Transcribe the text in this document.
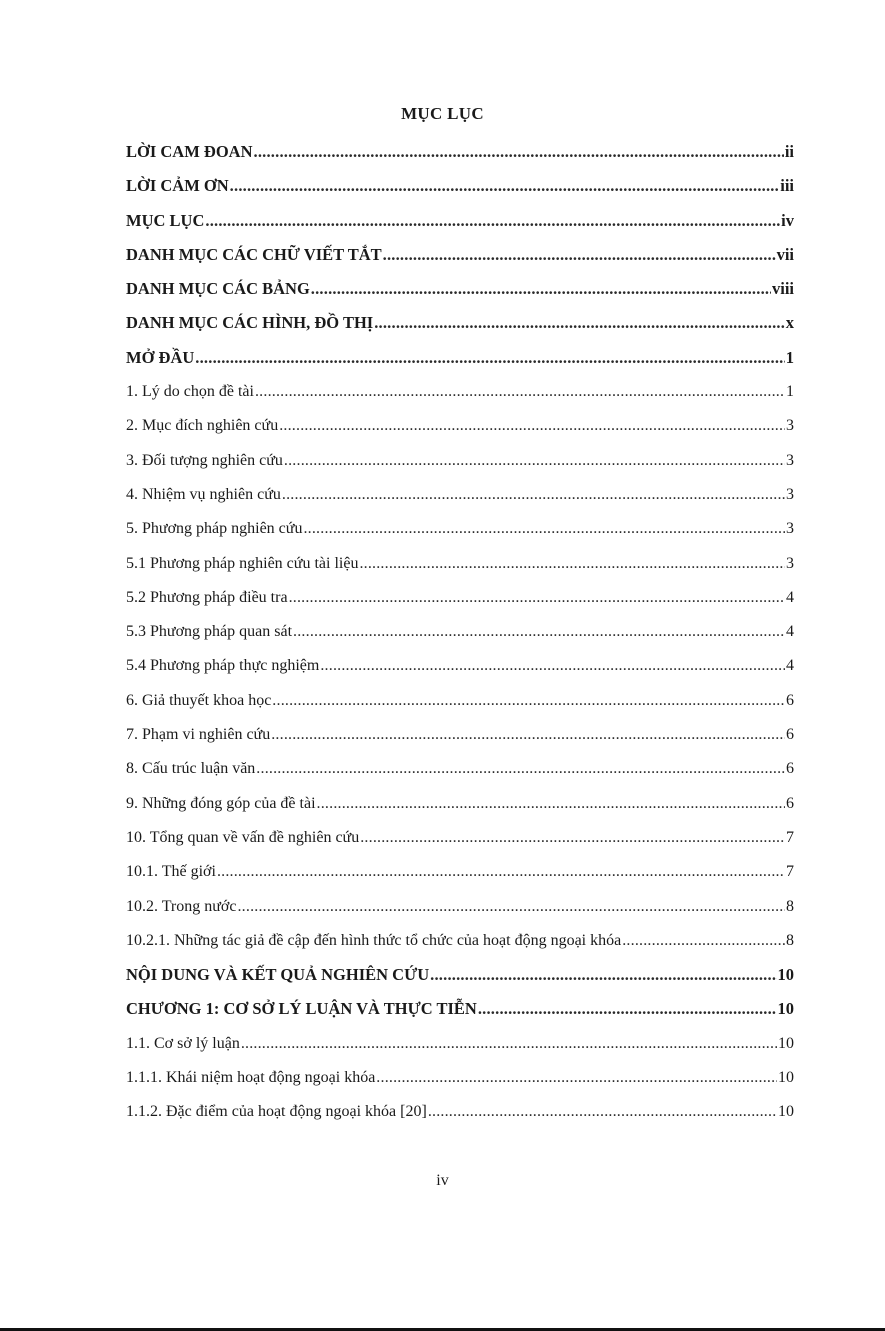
MỤC LỤC
LỜI CAM ĐOAN .....	ii
LỜI CẢM ƠN .....	iii
MỤC LỤC .....	iv
DANH MỤC CÁC CHỮ VIẾT TẮT .....	vii
DANH MỤC CÁC BẢNG .....	viii
DANH MỤC CÁC HÌNH, ĐỒ THỊ .....	x
MỞ ĐẦU .....	1
1. Lý do chọn đề tài .....	1
2. Mục đích nghiên cứu .....	3
3. Đối tượng nghiên cứu .....	3
4. Nhiệm vụ nghiên cứu .....	3
5. Phương pháp nghiên cứu .....	3
5.1 Phương pháp nghiên cứu tài liệu .....	3
5.2 Phương pháp điều tra .....	4
5.3 Phương pháp quan sát .....	4
5.4 Phương pháp thực nghiệm .....	4
6. Giả thuyết khoa học .....	6
7. Phạm vi nghiên cứu .....	6
8. Cấu trúc luận văn .....	6
9. Những đóng góp của đề tài .....	6
10. Tổng quan về vấn đề nghiên cứu .....	7
10.1. Thế giới .....	7
10.2. Trong nước .....	8
10.2.1. Những tác giả đề cập đến hình thức tổ chức của hoạt động ngoại khóa .....	8
NỘI DUNG VÀ KẾT QUẢ NGHIÊN CỨU .....	10
CHƯƠNG 1: CƠ SỞ LÝ LUẬN VÀ THỰC TIỄN .....	10
1.1. Cơ sở lý luận .....	10
1.1.1. Khái niệm hoạt động ngoại khóa .....	10
1.1.2. Đặc điểm của hoạt động ngoại khóa [20] .....	10
iv
